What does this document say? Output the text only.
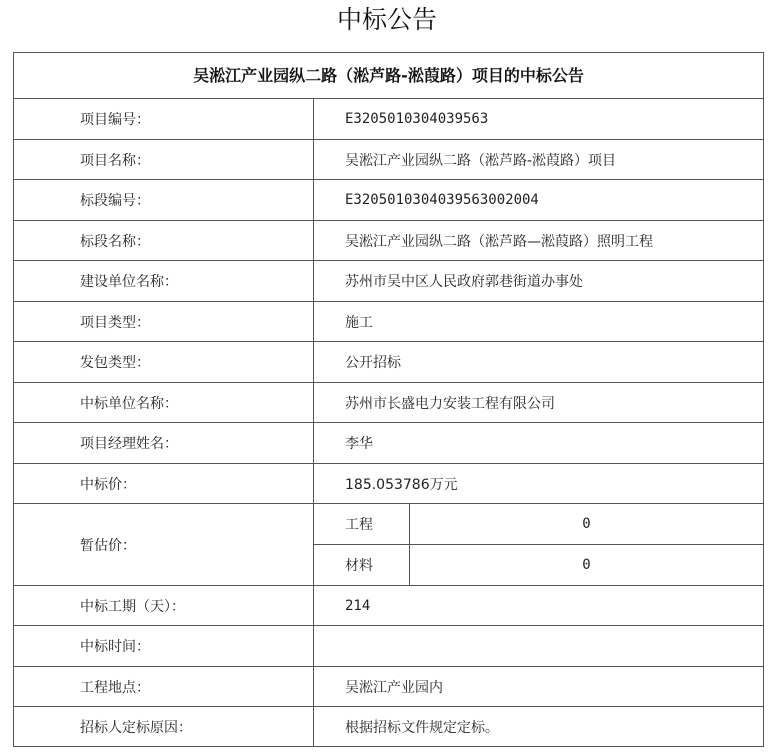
中标公告
吴淞江产业园纵二路（淞芦路-淞葭路）项目的中标公告
项目编号：	E3205010304039563
项目名称：	吴淞江产业园纵二路（淞芦路-淞葭路）项目
标段编号：	E3205010304039563002004
标段名称：	吴淞江产业园纵二路（淞芦路—淞葭路）照明工程
建设单位名称：	苏州市吴中区人民政府郭巷街道办事处
项目类型：	施工
发包类型：	公开招标
中标单位名称：	苏州市长盛电力安装工程有限公司
项目经理姓名：	李华
中标价：	185.053786万元
暂估价：
工程	0
材料	0
中标工期（天）：	214
中标时间：
工程地点：	吴淞江产业园内
招标人定标原因：	根据招标文件规定定标。
